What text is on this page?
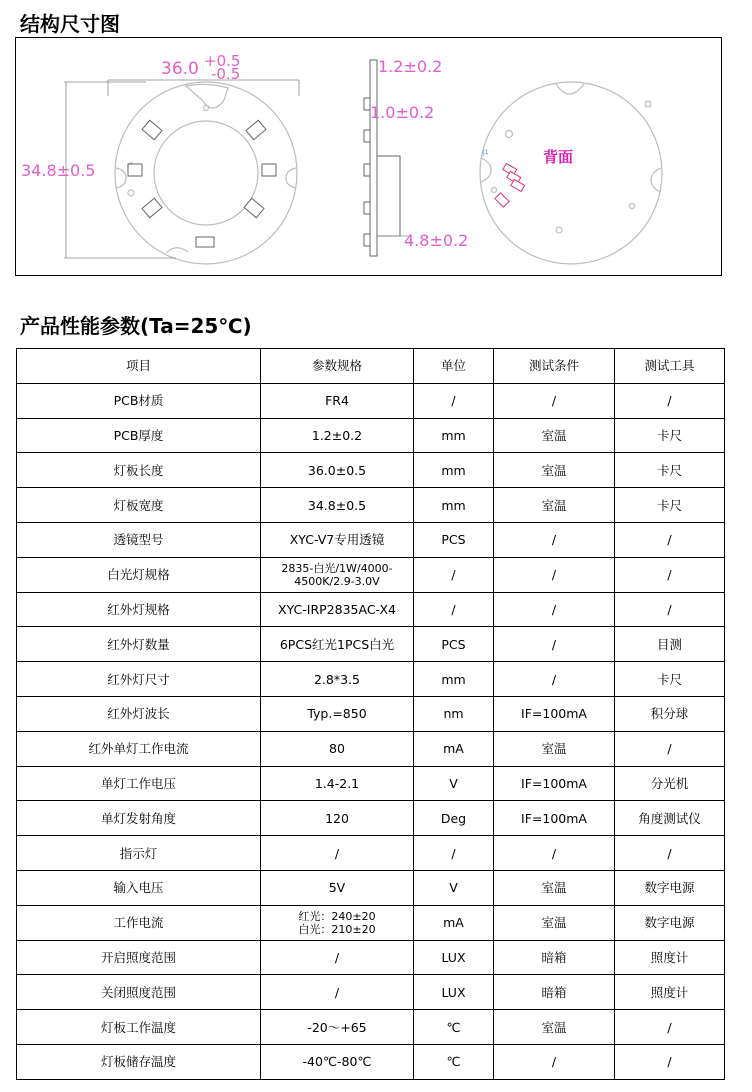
结构尺寸图
36.0 +0.5
-0.5
34.8±0.5
1.2±0.2
1.0±0.2
4.8±0.2
背面
J1
产品性能参数(Ta=25℃)
项目	参数规格	单位	测试条件	测试工具
PCB材质	FR4	/	/	/
PCB厚度	1.2±0.2	mm	室温	卡尺
灯板长度	36.0±0.5	mm	室温	卡尺
灯板宽度	34.8±0.5	mm	室温	卡尺
透镜型号	XYC-V7专用透镜	PCS	/	/
白光灯规格	2835-白光/1W/4000-4500K/2.9-3.0V	/	/	/
红外灯规格	XYC-IRP2835AC-X4	/	/	/
红外灯数量	6PCS红光1PCS白光	PCS	/	目测
红外灯尺寸	2.8*3.5	mm	/	卡尺
红外灯波长	Typ.=850	nm	IF=100mA	积分球
红外单灯工作电流	80	mA	室温	/
单灯工作电压	1.4-2.1	V	IF=100mA	分光机
单灯发射角度	120	Deg	IF=100mA	角度测试仪
指示灯	/	/	/	/
输入电压	5V	V	室温	数字电源
工作电流	红光：240±20
白光：210±20	mA	室温	数字电源
开启照度范围	/	LUX	暗箱	照度计
关闭照度范围	/	LUX	暗箱	照度计
灯板工作温度	-20～+65	℃	室温	/
灯板储存温度	-40℃-80℃	℃	/	/
